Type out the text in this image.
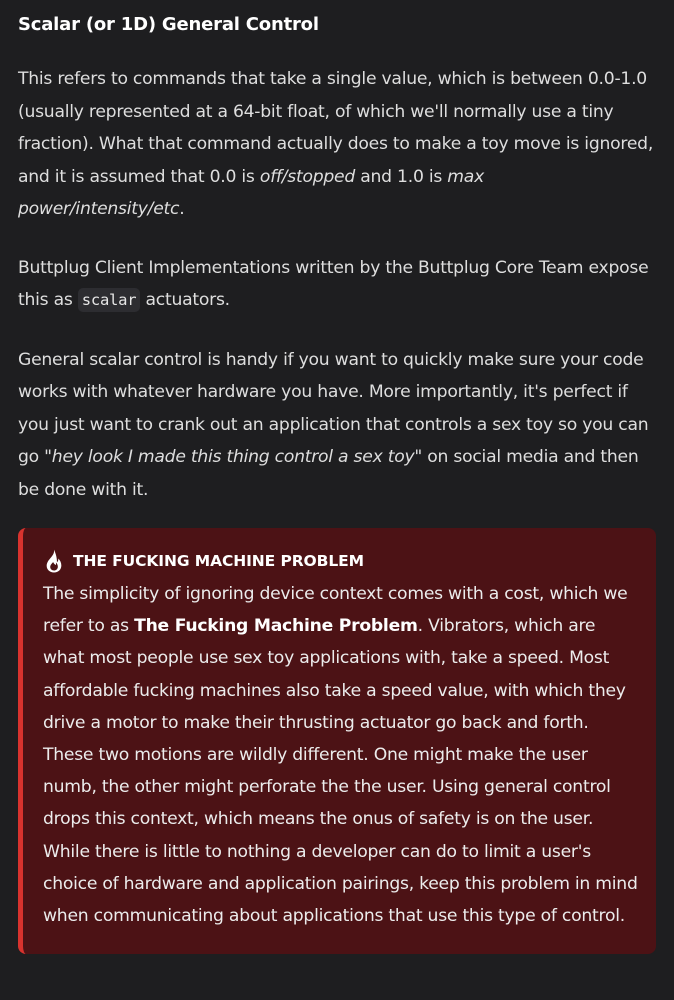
Scalar (or 1D) General Control

This refers to commands that take a single value, which is between 0.0-1.0 (usually represented at a 64-bit float, of which we'll normally use a tiny fraction). What that command actually does to make a toy move is ignored, and it is assumed that 0.0 is off/stopped and 1.0 is max power/intensity/etc.

Buttplug Client Implementations written by the Buttplug Core Team expose this as scalar actuators.

General scalar control is handy if you want to quickly make sure your code works with whatever hardware you have. More importantly, it's perfect if you just want to crank out an application that controls a sex toy so you can go "hey look I made this thing control a sex toy" on social media and then be done with it.

THE FUCKING MACHINE PROBLEM
The simplicity of ignoring device context comes with a cost, which we refer to as The Fucking Machine Problem. Vibrators, which are what most people use sex toy applications with, take a speed. Most affordable fucking machines also take a speed value, with which they drive a motor to make their thrusting actuator go back and forth. These two motions are wildly different. One might make the user numb, the other might perforate the the user. Using general control drops this context, which means the onus of safety is on the user. While there is little to nothing a developer can do to limit a user's choice of hardware and application pairings, keep this problem in mind when communicating about applications that use this type of control.
